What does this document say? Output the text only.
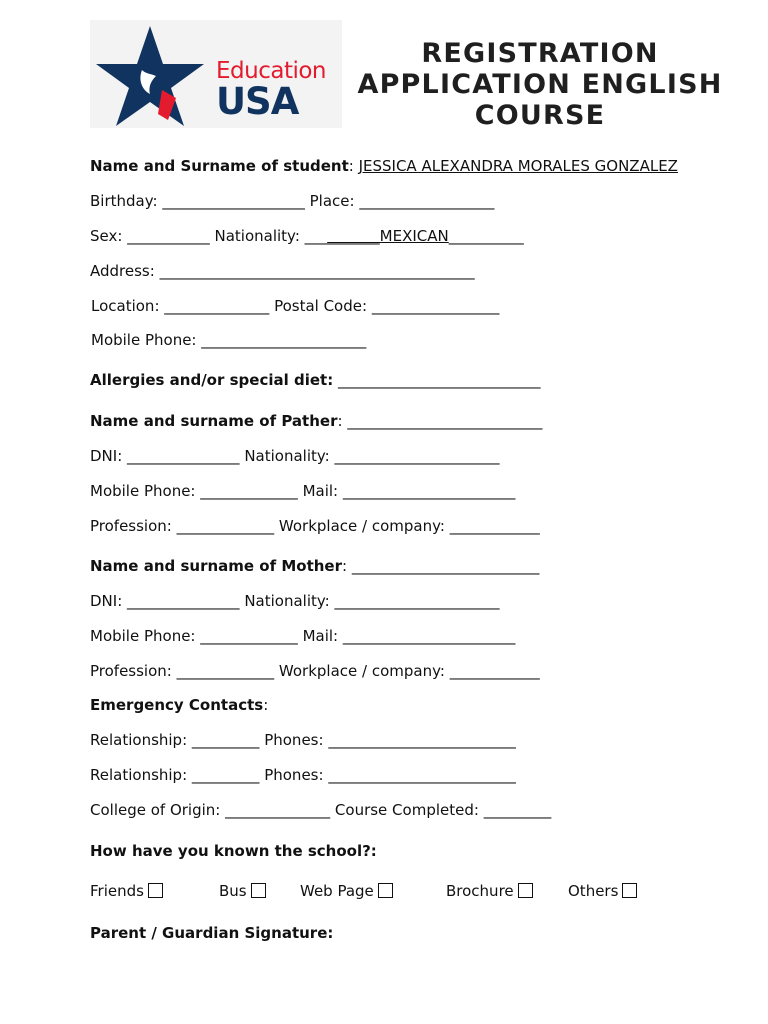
Education
USA
REGISTRATION
APPLICATION ENGLISH
COURSE
Name and Surname of student: JESSICA ALEXANDRA MORALES GONZALEZ
Birthday: ___________________ Place: __________________
Sex: ___________ Nationality: __________MEXICAN__________
Address: __________________________________________
Location: ______________ Postal Code: _________________
Mobile Phone: ______________________
Allergies and/or special diet: ___________________________
Name and surname of Pather: __________________________
DNI: _______________ Nationality: ______________________
Mobile Phone: _____________ Mail: _______________________
Profession: _____________ Workplace / company: ____________
Name and surname of Mother: _________________________
DNI: _______________ Nationality: ______________________
Mobile Phone: _____________ Mail: _______________________
Profession: _____________ Workplace / company: ____________
Emergency Contacts:
Relationship: _________ Phones: _________________________
Relationship: _________ Phones: _________________________
College of Origin: ______________ Course Completed: _________
How have you known the school?:
Friends	Bus	Web Page	Brochure	Others
Parent / Guardian Signature:
